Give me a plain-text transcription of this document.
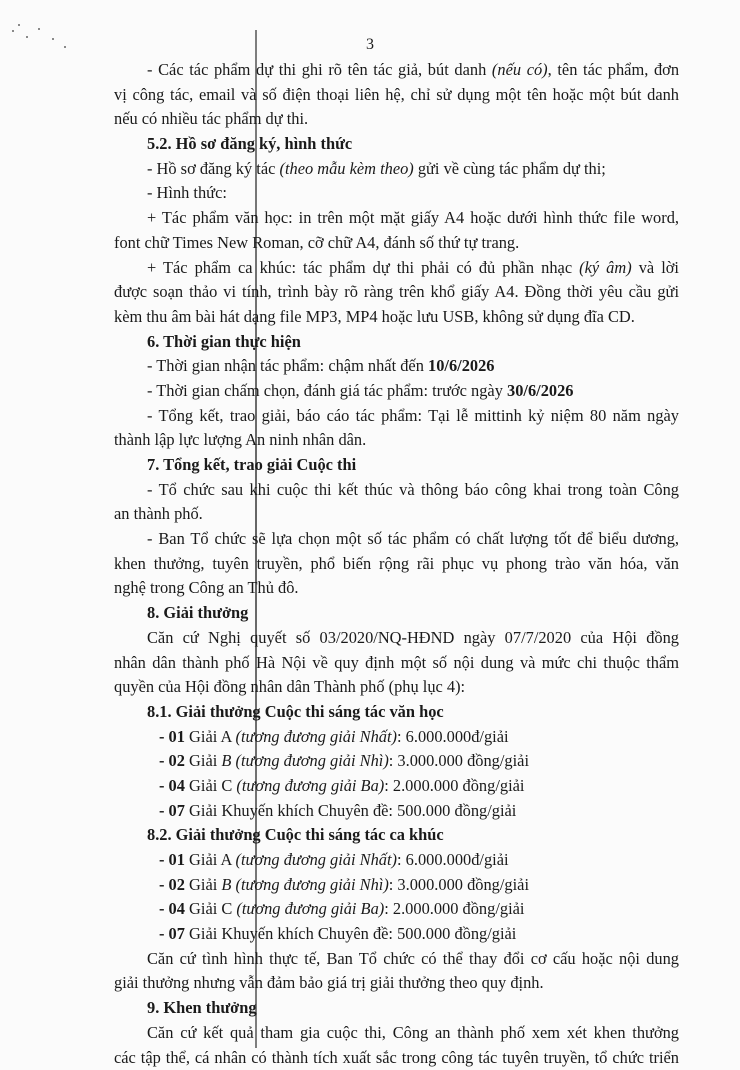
3
- Các tác phẩm dự thi ghi rõ tên tác giả, bút danh (nếu có), tên tác phẩm, đơn
vị công tác, email và số điện thoại liên hệ, chỉ sử dụng một tên hoặc một bút danh
nếu có nhiều tác phẩm dự thi.
5.2. Hồ sơ đăng ký, hình thức
- Hồ sơ đăng ký tác (theo mẫu kèm theo) gửi về cùng tác phẩm dự thi;
- Hình thức:
+ Tác phẩm văn học: in trên một mặt giấy A4 hoặc dưới hình thức file word,
font chữ Times New Roman, cỡ chữ A4, đánh số thứ tự trang.
+ Tác phẩm ca khúc: tác phẩm dự thi phải có đủ phần nhạc (ký âm) và lời
được soạn thảo vi tính, trình bày rõ ràng trên khổ giấy A4. Đồng thời yêu cầu gửi
kèm thu âm bài hát dạng file MP3, MP4 hoặc lưu USB, không sử dụng đĩa CD.
6. Thời gian thực hiện
- Thời gian nhận tác phẩm: chậm nhất đến 10/6/2026
- Thời gian chấm chọn, đánh giá tác phẩm: trước ngày 30/6/2026
- Tổng kết, trao giải, báo cáo tác phẩm: Tại lễ mittinh kỷ niệm 80 năm ngày
thành lập lực lượng An ninh nhân dân.
7. Tổng kết, trao giải Cuộc thi
- Tổ chức sau khi cuộc thi kết thúc và thông báo công khai trong toàn Công
an thành phố.
- Ban Tổ chức sẽ lựa chọn một số tác phẩm có chất lượng tốt để biểu dương,
khen thưởng, tuyên truyền, phổ biến rộng rãi phục vụ phong trào văn hóa, văn
nghệ trong Công an Thủ đô.
8. Giải thưởng
Căn cứ Nghị quyết số 03/2020/NQ-HĐND ngày 07/7/2020 của Hội đồng
nhân dân thành phố Hà Nội về quy định một số nội dung và mức chi thuộc thẩm
quyền của Hội đồng nhân dân Thành phố (phụ lục 4):
8.1. Giải thưởng Cuộc thi sáng tác văn học
- 01 Giải A (tương đương giải Nhất): 6.000.000đ/giải
- 02 Giải B (tương đương giải Nhì): 3.000.000 đồng/giải
- 04 Giải C (tương đương giải Ba): 2.000.000 đồng/giải
- 07 Giải Khuyến khích Chuyên đề: 500.000 đồng/giải
8.2. Giải thưởng Cuộc thi sáng tác ca khúc
- 01 Giải A (tương đương giải Nhất): 6.000.000đ/giải
- 02 Giải B (tương đương giải Nhì): 3.000.000 đồng/giải
- 04 Giải C (tương đương giải Ba): 2.000.000 đồng/giải
- 07 Giải Khuyến khích Chuyên đề: 500.000 đồng/giải
Căn cứ tình hình thực tế, Ban Tổ chức có thể thay đổi cơ cấu hoặc nội dung
giải thưởng nhưng vẫn đảm bảo giá trị giải thưởng theo quy định.
9. Khen thưởng
Căn cứ kết quả tham gia cuộc thi, Công an thành phố xem xét khen thưởng
các tập thể, cá nhân có thành tích xuất sắc trong công tác tuyên truyền, tổ chức triển
